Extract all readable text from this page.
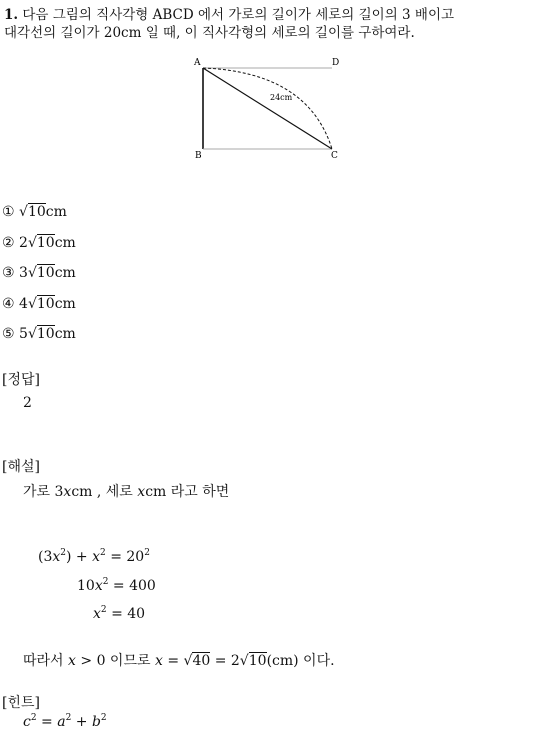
1. 다음 그림의 직사각형 ABCD 에서 가로의 길이가 세로의 길이의 3 배이고
대각선의 길이가 20cm 일 때, 이 직사각형의 세로의 길이를 구하여라.
A	D
B	C
24cm
① √10cm
② 2√10cm
③ 3√10cm
④ 4√10cm
⑤ 5√10cm
[정답]
2
[해설]
가로 3xcm , 세로 xcm 라고 하면
$(3x^2) + x^2 = 20^2$
$10x^2 = 400$
$x^2 = 40$
따라서 x > 0 이므로 x = √40 = 2√10(cm) 이다.
[힌트]
$c^2 = a^2 + b^2$
